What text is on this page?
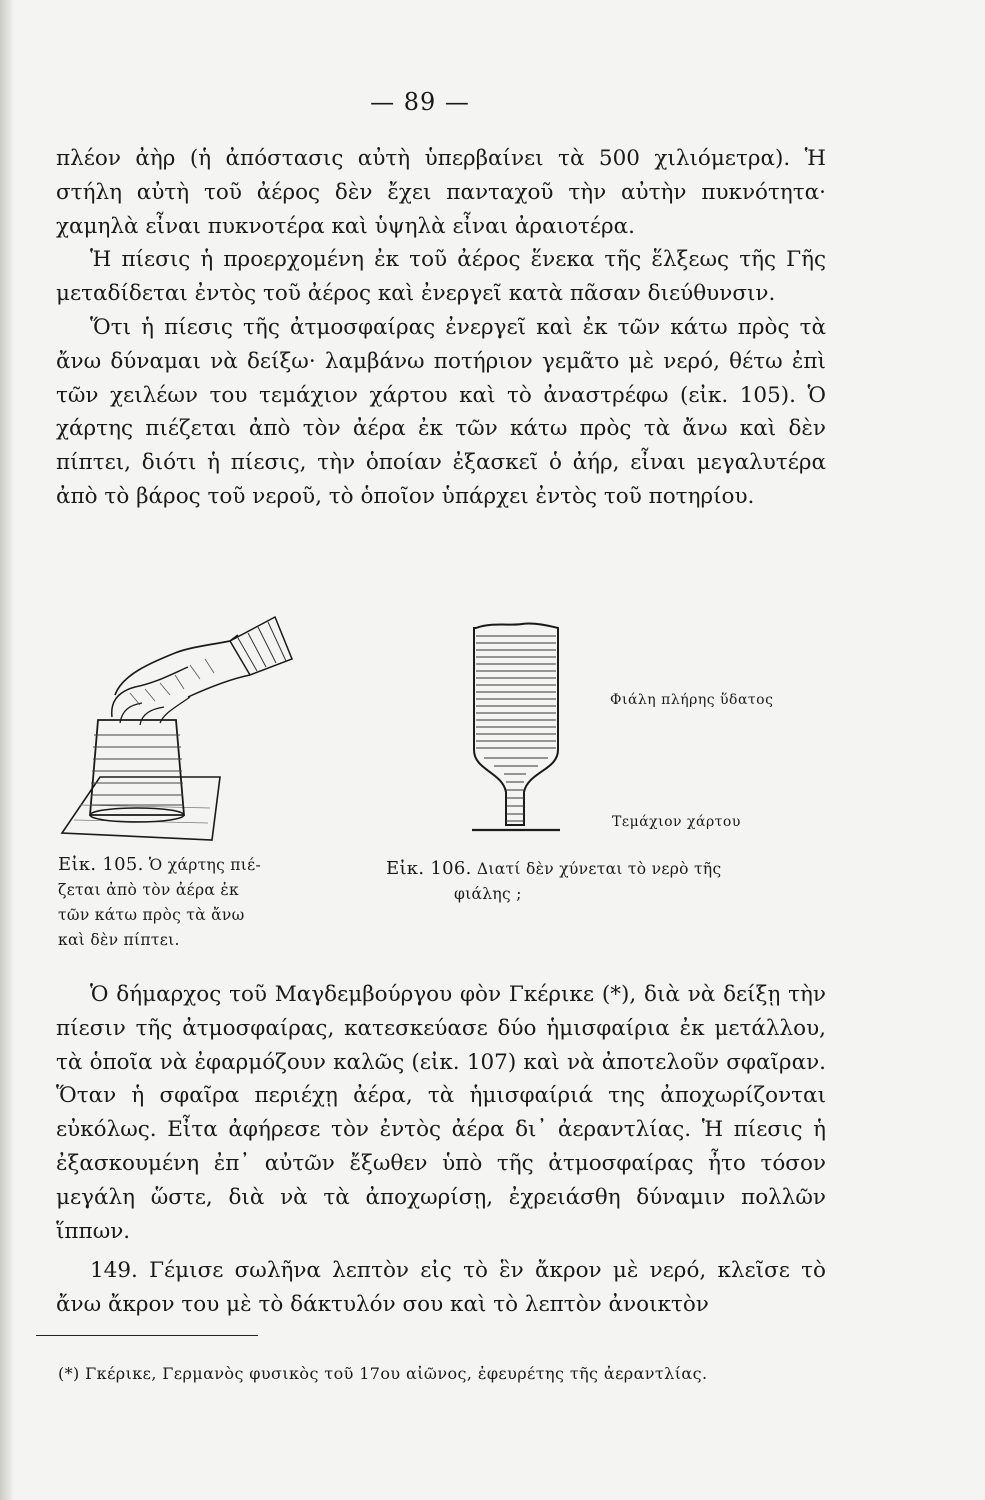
— 89 —

πλέον ἀὴρ (ἡ ἀπόστασις αὐτὴ ὑπερβαίνει τὰ 500 χιλιόμετρα). Ἡ στήλη αὐτὴ τοῦ ἀέρος δὲν ἔχει πανταχοῦ τὴν αὐτὴν πυκνότητα· χαμηλὰ εἶναι πυκνοτέρα καὶ ὑψηλὰ εἶναι ἀραιοτέρα.

Ἡ πίεσις ἡ προερχομένη ἐκ τοῦ ἀέρος ἕνεκα τῆς ἕλξεως τῆς Γῆς μεταδίδεται ἐντὸς τοῦ ἀέρος καὶ ἐνεργεῖ κατὰ πᾶσαν διεύθυνσιν.

Ὅτι ἡ πίεσις τῆς ἀτμοσφαίρας ἐνεργεῖ καὶ ἐκ τῶν κάτω πρὸς τὰ ἄνω δύναμαι νὰ δείξω· λαμβάνω ποτήριον γεμᾶτο μὲ νερό, θέτω ἐπὶ τῶν χειλέων του τεμάχιον χάρτου καὶ τὸ ἀναστρέφω (εἰκ. 105). Ὁ χάρτης πιέζεται ἀπὸ τὸν ἀέρα ἐκ τῶν κάτω πρὸς τὰ ἄνω καὶ δὲν πίπτει, διότι ἡ πίεσις, τὴν ὁποίαν ἐξασκεῖ ὁ ἀήρ, εἶναι μεγαλυτέρα ἀπὸ τὸ βάρος τοῦ νεροῦ, τὸ ὁποῖον ὑπάρχει ἐντὸς τοῦ ποτηρίου.

Εἰκ. 105. Ὁ χάρτης πιέ-
ζεται ἀπὸ τὸν ἀέρα ἐκ
τῶν κάτω πρὸς τὰ ἄνω
καὶ δὲν πίπτει.
Φιάλη πλήρης ὕδατος
Τεμάχιον χάρτου
Εἰκ. 106. Διατί δὲν χύνεται τὸ νερὸ τῆς
φιάλης ;

Ὁ δήμαρχος τοῦ Μαγδεμβούργου φὸν Γκέρικε (*), διὰ νὰ δείξῃ τὴν πίεσιν τῆς ἀτμοσφαίρας, κατεσκεύασε δύο ἡμισφαίρια ἐκ μετάλλου, τὰ ὁποῖα νὰ ἐφαρμόζουν καλῶς (εἰκ. 107) καὶ νὰ ἀποτελοῦν σφαῖραν. Ὅταν ἡ σφαῖρα περιέχῃ ἀέρα, τὰ ἡμισφαίριά της ἀποχωρίζονται εὐκόλως. Εἶτα ἀφήρεσε τὸν ἐντὸς ἀέρα δι᾽ ἀεραντλίας. Ἡ πίεσις ἡ ἐξασκουμένη ἐπ᾽ αὐτῶν ἔξωθεν ὑπὸ τῆς ἀτμοσφαίρας ἦτο τόσον μεγάλη ὥστε, διὰ νὰ τὰ ἀποχωρίσῃ, ἐχρειάσθη δύναμιν πολλῶν ἵππων.

149. Γέμισε σωλῆνα λεπτὸν εἰς τὸ ἓν ἄκρον μὲ νερό, κλεῖσε τὸ ἄνω ἄκρον του μὲ τὸ δάκτυλόν σου καὶ τὸ λεπτὸν ἀνοικτὸν

(*) Γκέρικε, Γερμανὸς φυσικὸς τοῦ 17ου αἰῶνος, ἐφευρέτης τῆς ἀεραντλίας.
